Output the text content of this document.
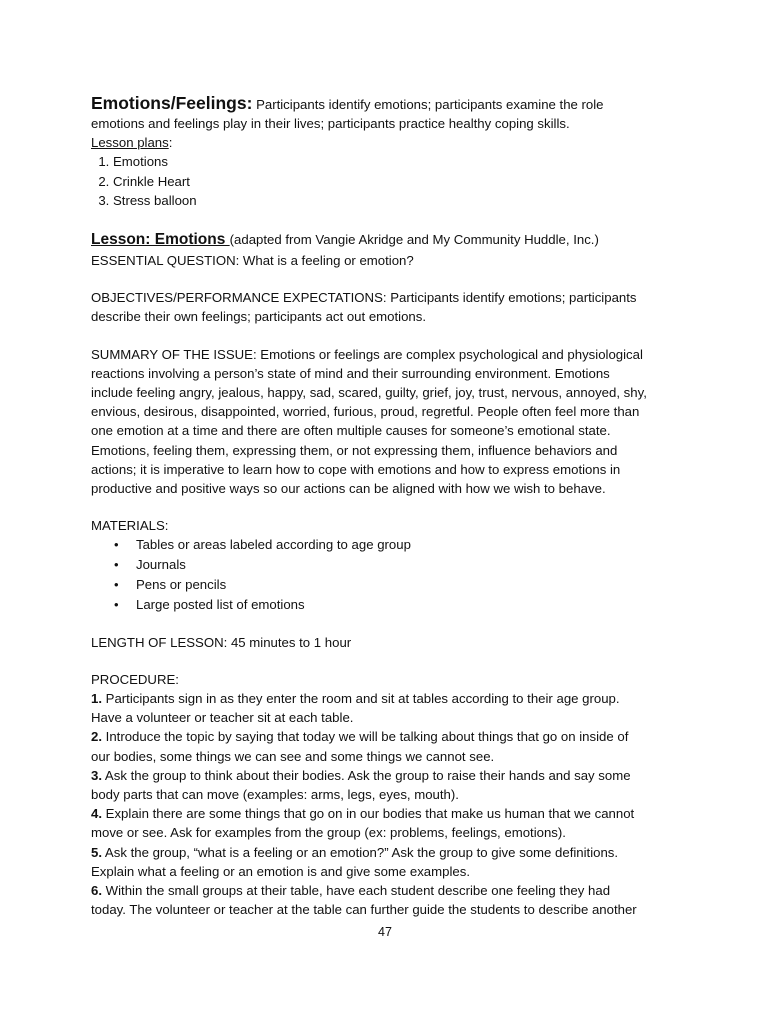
Emotions/Feelings: Participants identify emotions; participants examine the role
emotions and feelings play in their lives; participants practice healthy coping skills.
Lesson plans:
1. Emotions
2. Crinkle Heart
3. Stress balloon
Lesson: Emotions (adapted from Vangie Akridge and My Community Huddle, Inc.)
ESSENTIAL QUESTION: What is a feeling or emotion?
OBJECTIVES/PERFORMANCE EXPECTATIONS: Participants identify emotions; participants
describe their own feelings; participants act out emotions.
SUMMARY OF THE ISSUE: Emotions or feelings are complex psychological and physiological
reactions involving a person’s state of mind and their surrounding environment. Emotions
include feeling angry, jealous, happy, sad, scared, guilty, grief, joy, trust, nervous, annoyed, shy,
envious, desirous, disappointed, worried, furious, proud, regretful. People often feel more than
one emotion at a time and there are often multiple causes for someone’s emotional state.
Emotions, feeling them, expressing them, or not expressing them, influence behaviors and
actions; it is imperative to learn how to cope with emotions and how to express emotions in
productive and positive ways so our actions can be aligned with how we wish to behave.
MATERIALS:
• Tables or areas labeled according to age group
• Journals
• Pens or pencils
• Large posted list of emotions
LENGTH OF LESSON: 45 minutes to 1 hour
PROCEDURE:
1. Participants sign in as they enter the room and sit at tables according to their age group.
Have a volunteer or teacher sit at each table.
2. Introduce the topic by saying that today we will be talking about things that go on inside of
our bodies, some things we can see and some things we cannot see.
3. Ask the group to think about their bodies. Ask the group to raise their hands and say some
body parts that can move (examples: arms, legs, eyes, mouth).
4. Explain there are some things that go on in our bodies that make us human that we cannot
move or see. Ask for examples from the group (ex: problems, feelings, emotions).
5. Ask the group, “what is a feeling or an emotion?” Ask the group to give some definitions.
Explain what a feeling or an emotion is and give some examples.
6. Within the small groups at their table, have each student describe one feeling they had
today. The volunteer or teacher at the table can further guide the students to describe another
47
